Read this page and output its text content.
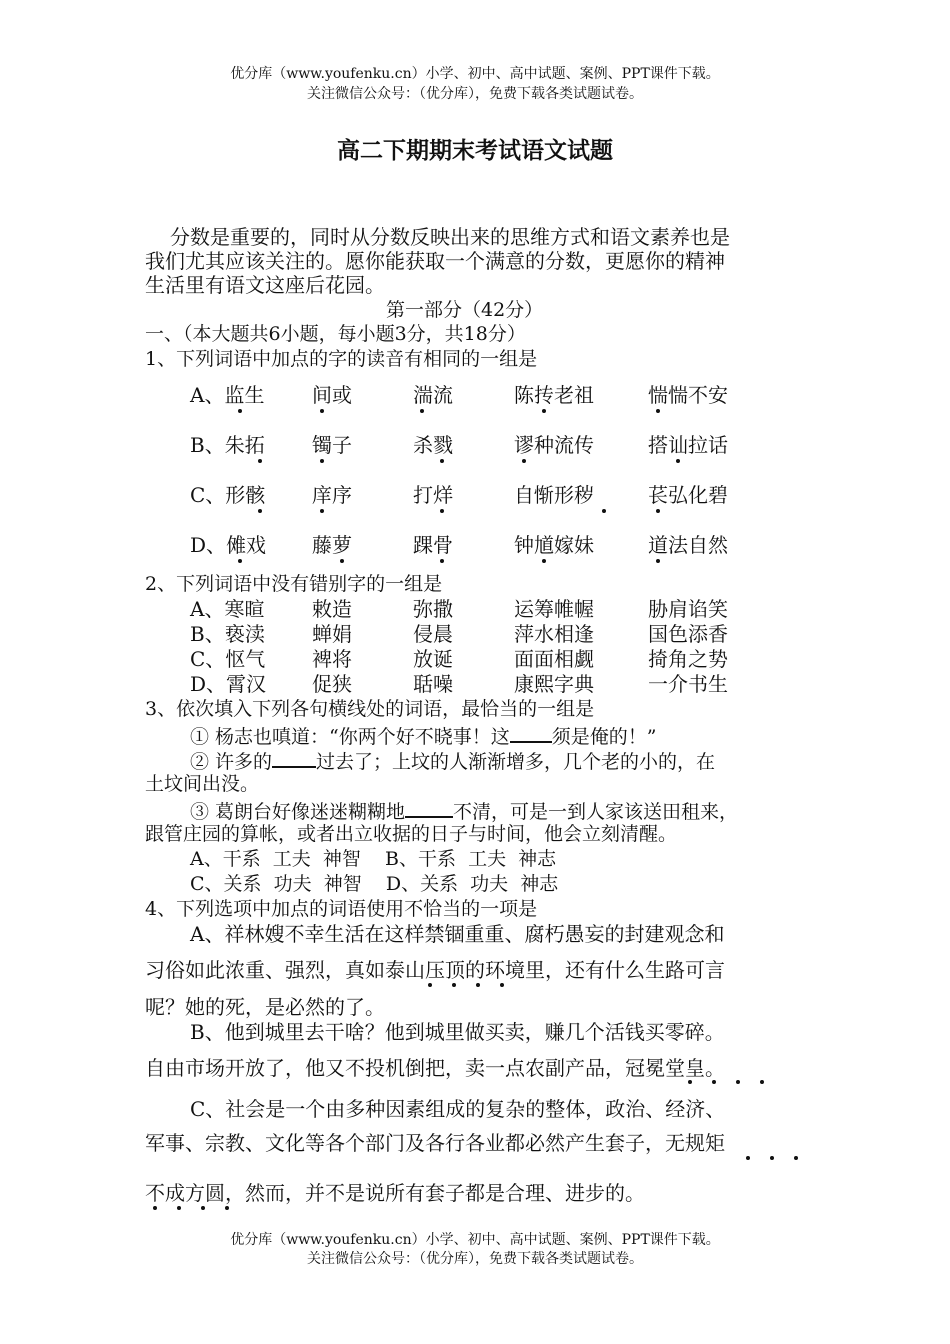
优分库（www.youfenku.cn）小学、初中、高中试题、案例、PPT课件下载。
关注微信公众号：（优分库），免费下载各类试题试卷。
高二下期期末考试语文试题
分数是重要的，同时从分数反映出来的思维方式和语文素养也是
我们尤其应该关注的。愿你能获取一个满意的分数，更愿你的精神
生活里有语文这座后花园。
第一部分（42分）
一、（本大题共6小题，每小题3分，共18分）
1、下列词语中加点的字的读音有相同的一组是
A、监生 间或	湍流	陈抟老祖	惴惴不安
B、朱拓 镯子	杀戮	谬种流传	搭讪拉话
C、形骸 庠序	打烊	自惭形秽	苌弘化碧
D、傩戏 藤萝	踝骨	钟馗嫁妹	道法自然
2、下列词语中没有错别字的一组是
A、寒暄 敕造	弥撒	运筹帷幄	胁肩谄笑
B、亵渎 蝉娟	侵晨	萍水相逢	国色添香
C、怄气 裨将	放诞	面面相觑	掎角之势
D、霄汉 促狭	聒噪	康熙字典	一介书生
3、依次填入下列各句横线处的词语，最恰当的一组是
① 杨志也嗔道：“你两个好不晓事！这 须是俺的！”
② 许多的 过去了；上坟的人渐渐增多，几个老的小的，在
土坟间出没。
③ 葛朗台好像迷迷糊糊地	不清，可是一到人家该送田租来，
跟管庄园的算帐，或者出立收据的日子与时间，他会立刻清醒。
A、干系  工夫  神智    B、干系  工夫  神志
C、关系  功夫  神智    D、关系  功夫  神志
4、下列选项中加点的词语使用不恰当的一项是
A、祥林嫂不幸生活在这样禁锢重重、腐朽愚妄的封建观念和
习俗如此浓重、强烈，真如泰山压顶的环境里，还有什么生路可言
呢？她的死，是必然的了。
B、他到城里去干啥？他到城里做买卖，赚几个活钱买零碎。
自由市场开放了，他又不投机倒把，卖一点农副产品，冠冕堂皇。
C、社会是一个由多种因素组成的复杂的整体，政治、经济、
军事、宗教、文化等各个部门及各行各业都必然产生套子，无规矩
不成方圆，然而，并不是说所有套子都是合理、进步的。
优分库（www.youfenku.cn）小学、初中、高中试题、案例、PPT课件下载。
关注微信公众号：（优分库），免费下载各类试题试卷。
